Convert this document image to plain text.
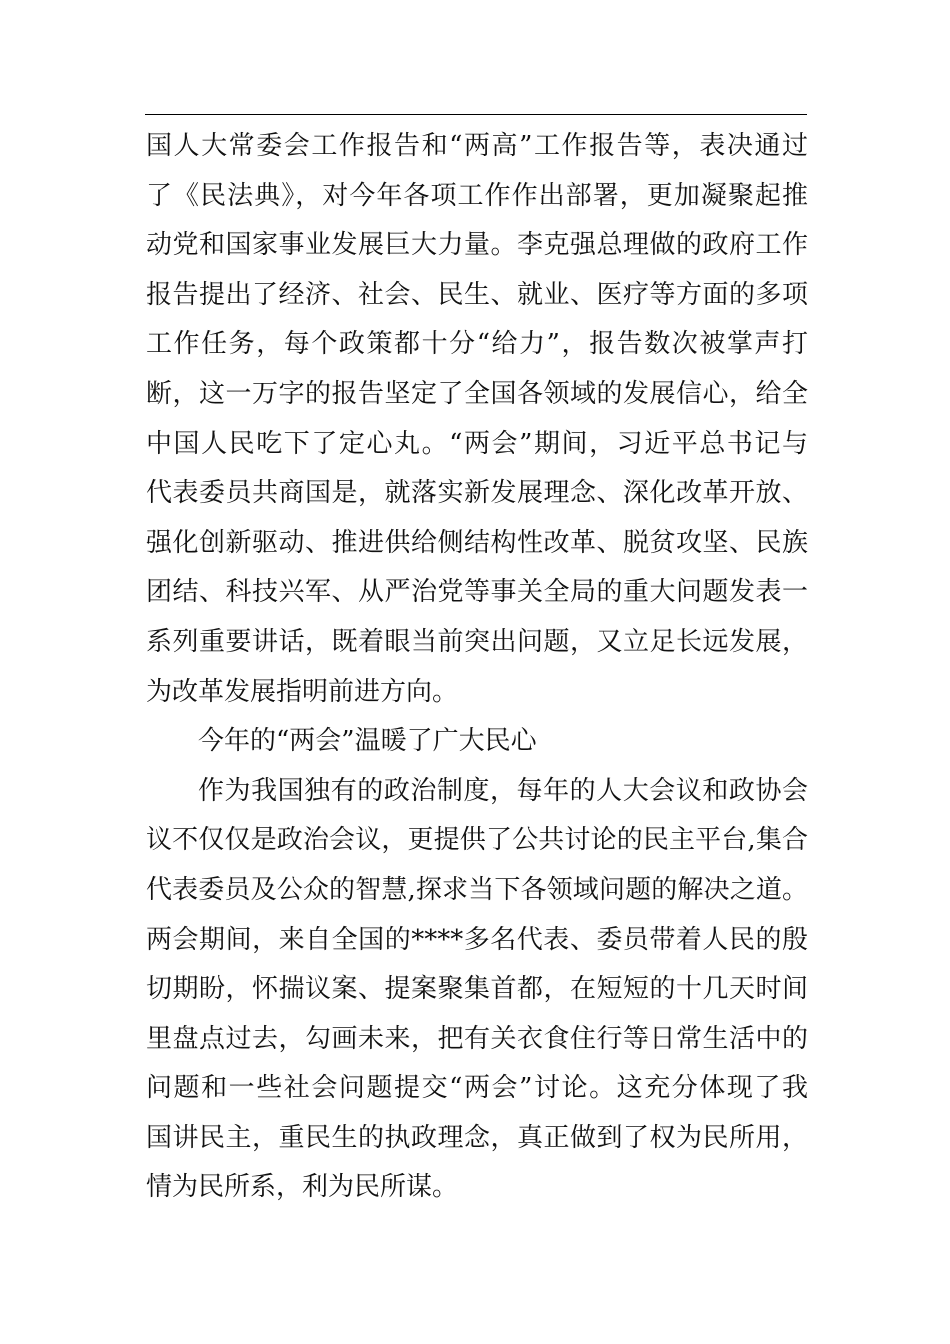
国人大常委会工作报告和“两高”工作报告等，表决通过
了《民法典》，对今年各项工作作出部署，更加凝聚起推
动党和国家事业发展巨大力量。李克强总理做的政府工作
报告提出了经济、社会、民生、就业、医疗等方面的多项
工作任务，每个政策都十分“给力”，报告数次被掌声打
断，这一万字的报告坚定了全国各领域的发展信心，给全
中国人民吃下了定心丸。“两会”期间，习近平总书记与
代表委员共商国是，就落实新发展理念、深化改革开放、
强化创新驱动、推进供给侧结构性改革、脱贫攻坚、民族
团结、科技兴军、从严治党等事关全局的重大问题发表一
系列重要讲话，既着眼当前突出问题，又立足长远发展，
为改革发展指明前进方向。
今年的“两会”温暖了广大民心
作为我国独有的政治制度，每年的人大会议和政协会
议不仅仅是政治会议，更提供了公共讨论的民主平台,集合
代表委员及公众的智慧,探求当下各领域问题的解决之道。
两会期间，来自全国的****多名代表、委员带着人民的殷
切期盼，怀揣议案、提案聚集首都，在短短的十几天时间
里盘点过去，勾画未来，把有关衣食住行等日常生活中的
问题和一些社会问题提交“两会”讨论。这充分体现了我
国讲民主，重民生的执政理念，真正做到了权为民所用，
情为民所系，利为民所谋。
